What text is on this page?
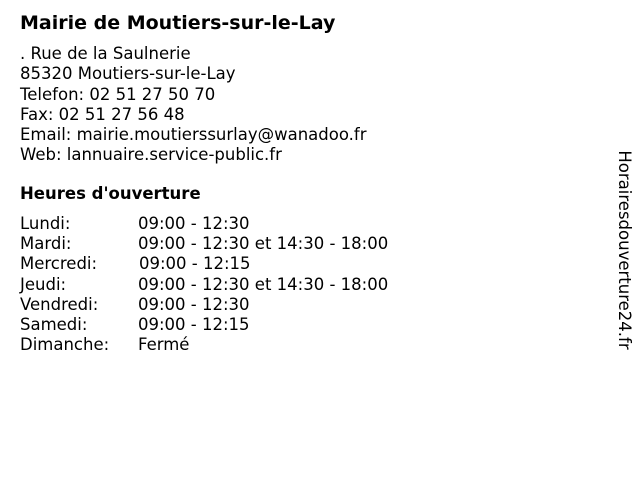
Mairie de Moutiers-sur-le-Lay
. Rue de la Saulnerie
85320 Moutiers-sur-le-Lay
Telefon: 02 51 27 50 70
Fax: 02 51 27 56 48
Email: mairie.moutierssurlay@wanadoo.fr
Web: lannuaire.service-public.fr
Heures d'ouverture
Lundi:	09:00 - 12:30
Mardi:	09:00 - 12:30 et 14:30 - 18:00
Mercredi:	09:00 - 12:15
Jeudi:	09:00 - 12:30 et 14:30 - 18:00
Vendredi: 09:00 - 12:30
Samedi:	09:00 - 12:15
Dimanche: Fermé	Horairesdouverture24.fr
